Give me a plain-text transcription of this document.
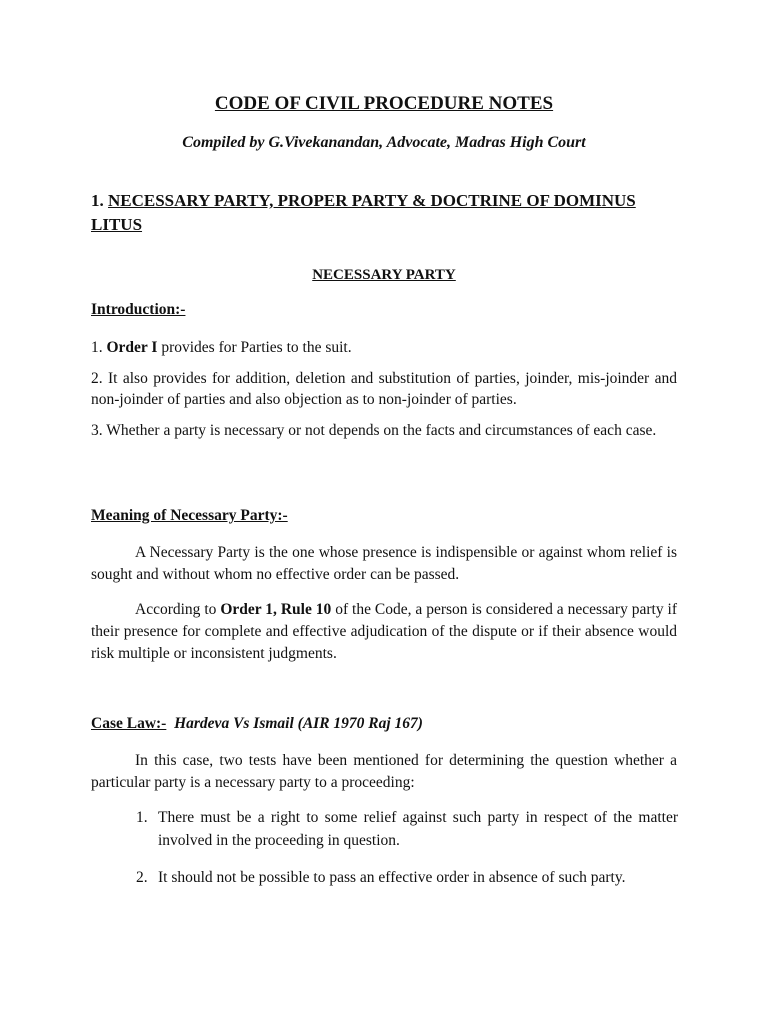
CODE OF CIVIL PROCEDURE NOTES

Compiled by G.Vivekanandan, Advocate, Madras High Court

1. NECESSARY PARTY, PROPER PARTY & DOCTRINE OF DOMINUS LITUS
NECESSARY PARTY

Introduction:-

1. Order I provides for Parties to the suit.

2. It also provides for addition, deletion and substitution of parties, joinder, mis-joinder and non-joinder of parties and also objection as to non-joinder of parties.

3. Whether a party is necessary or not depends on the facts and circumstances of each case.

Meaning of Necessary Party:-

A Necessary Party is the one whose presence is indispensible or against whom relief is sought and without whom no effective order can be passed.

According to Order 1, Rule 10 of the Code, a person is considered a necessary party if their presence for complete and effective adjudication of the dispute or if their absence would risk multiple or inconsistent judgments.

Case Law:- Hardeva Vs Ismail (AIR 1970 Raj 167)

In this case, two tests have been mentioned for determining the question whether a particular party is a necessary party to a proceeding:

1. There must be a right to some relief against such party in respect of the matter involved in the proceeding in question.
2. It should not be possible to pass an effective order in absence of such party.
